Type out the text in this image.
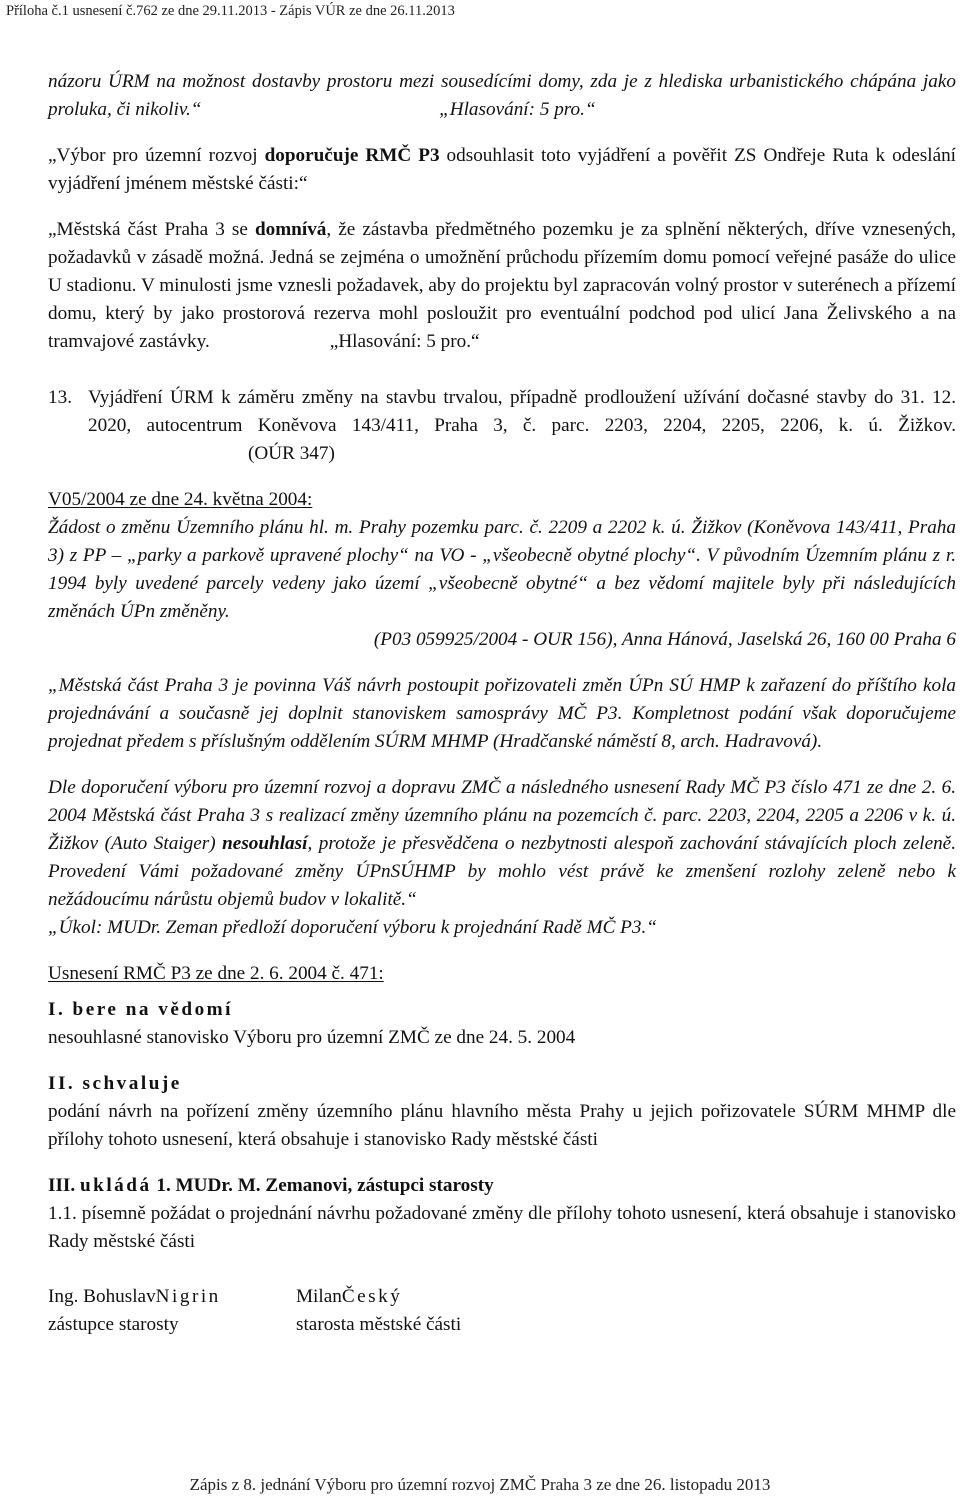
Příloha č.1 usnesení č.762 ze dne 29.11.2013 - Zápis VÚR ze dne 26.11.2013

názoru ÚRM na možnost dostavby prostoru mezi sousedícími domy, zda je z hlediska urbanistického chápána jako proluka, či nikoliv.“	„Hlasování: 5 pro.“

„Výbor pro územní rozvoj doporučuje RMČ P3 odsouhlasit toto vyjádření a pověřit ZS Ondřeje Ruta k odeslání vyjádření jménem městské části:“

„Městská část Praha 3 se domnívá, že zástavba předmětného pozemku je za splnění některých, dříve vznesených, požadavků v zásadě možná. Jedná se zejména o umožnění průchodu přízemím domu pomocí veřejné pasáže do ulice U stadionu. V minulosti jsme vznesli požadavek, aby do projektu byl zapracován volný prostor v suterénech a přízemí domu, který by jako prostorová rezerva mohl posloužit pro eventuální podchod pod ulicí Jana Želivského a na tramvajové zastávky.	„Hlasování: 5 pro.“

13. Vyjádření ÚRM k záměru změny na stavbu trvalou, případně prodloužení užívání dočasné stavby do 31. 12. 2020, autocentrum Koněvova 143/411, Praha 3, č. parc. 2203, 2204, 2205, 2206, k. ú. Žižkov.(OÚR 347)

V05/2004 ze dne 24. května 2004:

Žádost o změnu Územního plánu hl. m. Prahy pozemku parc. č. 2209 a 2202 k. ú. Žižkov (Koněvova 143/411, Praha 3) z PP – „parky a parkově upravené plochy“ na VO - „všeobecně obytné plochy“. V původním Územním plánu z r. 1994 byly uvedené parcely vedeny jako území „všeobecně obytné“ a bez vědomí majitele byly při následujících změnách ÚPn změněny.

(P03 059925/2004 - OUR 156), Anna Hánová, Jaselská 26, 160 00 Praha 6

„Městská část Praha 3 je povinna Váš návrh postoupit pořizovateli změn ÚPn SÚ HMP k zařazení do příštího kola projednávání a současně jej doplnit stanoviskem samosprávy MČ P3. Kompletnost podání však doporučujeme projednat předem s příslušným oddělením SÚRM MHMP (Hradčanské náměstí 8, arch. Hadravová).

Dle doporučení výboru pro územní rozvoj a dopravu ZMČ a následného usnesení Rady MČ P3 číslo 471 ze dne 2. 6. 2004 Městská část Praha 3 s realizací změny územního plánu na pozemcích č. parc. 2203, 2204, 2205 a 2206 v k. ú. Žižkov (Auto Staiger) nesouhlasí, protože je přesvědčena o nezbytnosti alespoň zachování stávajících ploch zeleně. Provedení Vámi požadované změny ÚPnSÚHMP by mohlo vést právě ke zmenšení rozlohy zeleně nebo k nežádoucímu nárůstu objemů budov v lokalitě.“

„Úkol: MUDr. Zeman předloží doporučení výboru k projednání Radě MČ P3.“

Usnesení RMČ P3 ze dne 2. 6. 2004 č. 471:

I. bere na vědomí

nesouhlasné stanovisko Výboru pro územní ZMČ ze dne 24. 5. 2004

II. schvaluje

podání návrh na pořízení změny územního plánu hlavního města Prahy u jejich pořizovatele SÚRM MHMP dle přílohy tohoto usnesení, která obsahuje i stanovisko Rady městské části

III. ukládá 1. MUDr. M. Zemanovi, zástupci starosty

1.1. písemně požádat o projednání návrhu požadované změny dle přílohy tohoto usnesení, která obsahuje i stanovisko Rady městské části

Ing. BohuslavNigrin	MilanČeský
zástupce starosty	starosta městské části
Zápis z 8. jednání Výboru pro územní rozvoj ZMČ Praha 3 ze dne 26. listopadu 2013
